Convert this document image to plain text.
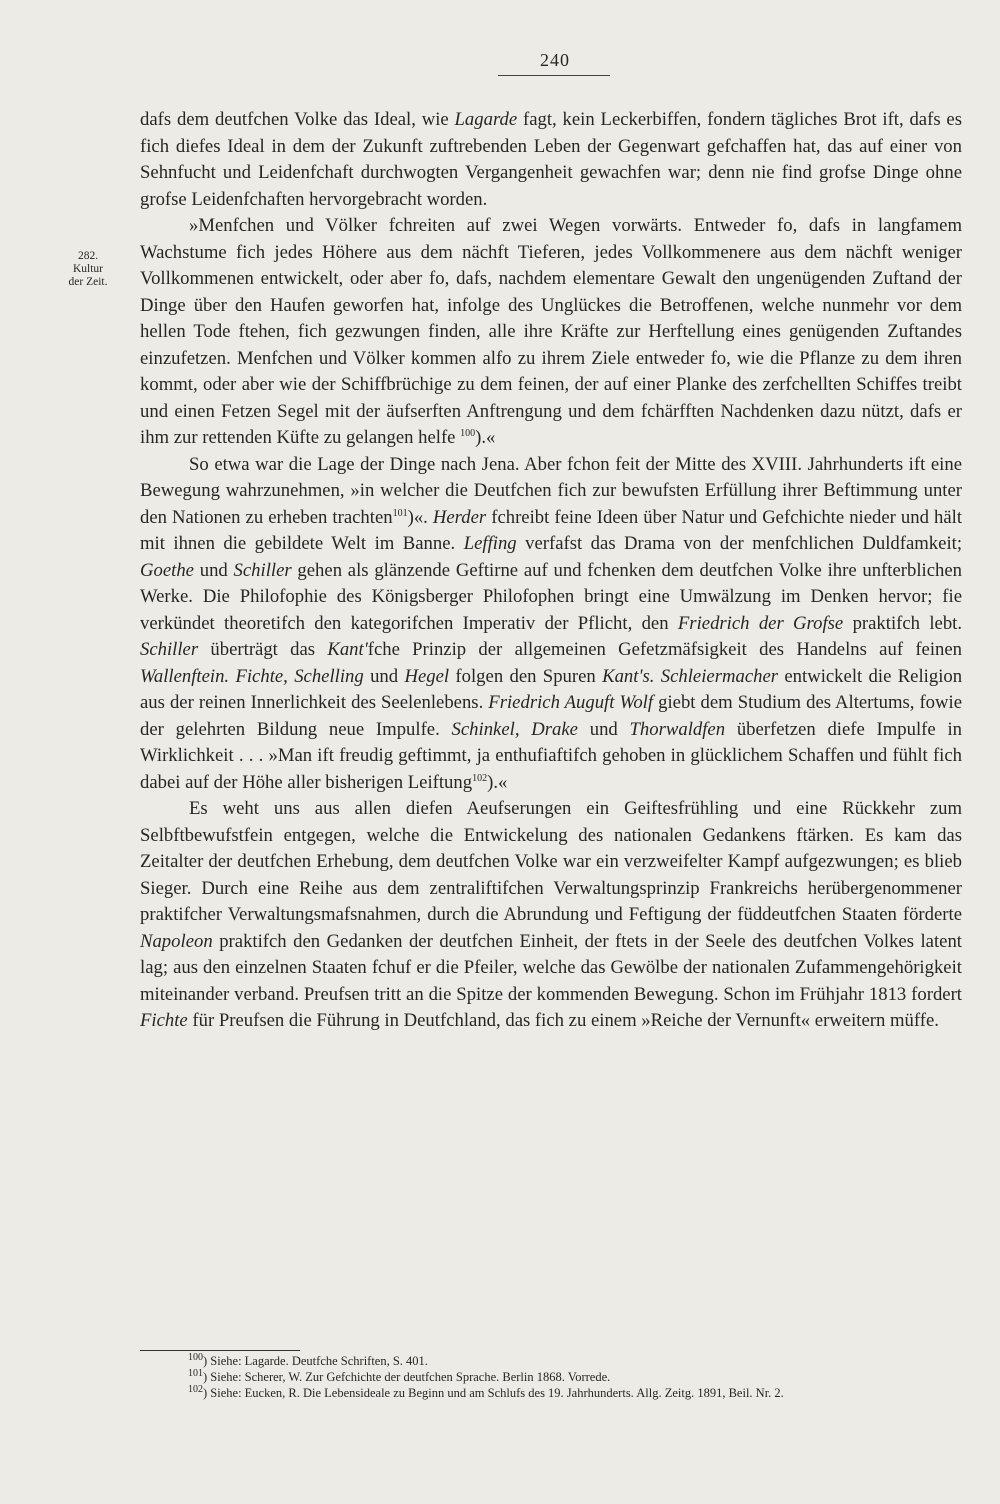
240
282.
Kultur
der Zeit.

dafs dem deutfchen Volke das Ideal, wie Lagarde fagt, kein Leckerbiffen, fondern tägliches Brot ift, dafs es fich diefes Ideal in dem der Zukunft zuftrebenden Leben der Gegenwart gefchaffen hat, das auf einer von Sehnfucht und Leidenfchaft durchwogten Vergangenheit gewachfen war; denn nie find grofse Dinge ohne grofse Leidenfchaften hervorgebracht worden.

»Menfchen und Völker fchreiten auf zwei Wegen vorwärts. Entweder fo, dafs in langfamem Wachstume fich jedes Höhere aus dem nächft Tieferen, jedes Vollkommenere aus dem nächft weniger Vollkommenen entwickelt, oder aber fo, dafs, nachdem elementare Gewalt den ungenügenden Zuftand der Dinge über den Haufen geworfen hat, infolge des Unglückes die Betroffenen, welche nunmehr vor dem hellen Tode ftehen, fich gezwungen finden, alle ihre Kräfte zur Herftellung eines genügenden Zuftandes einzufetzen. Menfchen und Völker kommen alfo zu ihrem Ziele entweder fo, wie die Pflanze zu dem ihren kommt, oder aber wie der Schiffbrüchige zu dem feinen, der auf einer Planke des zerfchellten Schiffes treibt und einen Fetzen Segel mit der äufserften Anftrengung und dem fchärfften Nachdenken dazu nützt, dafs er ihm zur rettenden Küfte zu gelangen helfe $^{100}$).«

So etwa war die Lage der Dinge nach Jena. Aber fchon feit der Mitte des XVIII. Jahrhunderts ift eine Bewegung wahrzunehmen, »in welcher die Deutfchen fich zur bewufsten Erfüllung ihrer Beftimmung unter den Nationen zu erheben trachten$^{101}$)«. Herder fchreibt feine Ideen über Natur und Gefchichte nieder und hält mit ihnen die gebildete Welt im Banne. Leffing verfafst das Drama von der menfchlichen Duldfamkeit; Goethe und Schiller gehen als glänzende Geftirne auf und fchenken dem deutfchen Volke ihre unfterblichen Werke. Die Philofophie des Königsberger Philofophen bringt eine Umwälzung im Denken hervor; fie verkündet theoretifch den kategorifchen Imperativ der Pflicht, den Friedrich der Grofse praktifch lebt. Schiller überträgt das Kant'fche Prinzip der allgemeinen Gefetzmäfsigkeit des Handelns auf feinen Wallenftein. Fichte, Schelling und Hegel folgen den Spuren Kant's. Schleiermacher entwickelt die Religion aus der reinen Innerlichkeit des Seelenlebens. Friedrich Auguft Wolf giebt dem Studium des Altertums, fowie der gelehrten Bildung neue Impulfe. Schinkel, Drake und Thorwaldfen überfetzen diefe Impulfe in Wirklichkeit . . . »Man ift freudig geftimmt, ja enthufiaftifch gehoben in glücklichem Schaffen und fühlt fich dabei auf der Höhe aller bisherigen Leiftung$^{102}$).«

Es weht uns aus allen diefen Aeufserungen ein Geiftesfrühling und eine Rückkehr zum Selbftbewufstfein entgegen, welche die Entwickelung des nationalen Gedankens ftärken. Es kam das Zeitalter der deutfchen Erhebung, dem deutfchen Volke war ein verzweifelter Kampf aufgezwungen; es blieb Sieger. Durch eine Reihe aus dem zentraliftifchen Verwaltungsprinzip Frankreichs herübergenommener praktifcher Verwaltungsmafsnahmen, durch die Abrundung und Feftigung der füddeutfchen Staaten förderte Napoleon praktifch den Gedanken der deutfchen Einheit, der ftets in der Seele des deutfchen Volkes latent lag; aus den einzelnen Staaten fchuf er die Pfeiler, welche das Gewölbe der nationalen Zufammengehörigkeit miteinander verband. Preufsen tritt an die Spitze der kommenden Bewegung. Schon im Frühjahr 1813 fordert Fichte für Preufsen die Führung in Deutfchland, das fich zu einem »Reiche der Vernunft« erweitern müffe.

$^{100}$) Siehe: Lagarde. Deutfche Schriften, S. 401.
$^{101}$) Siehe: Scherer, W. Zur Gefchichte der deutfchen Sprache. Berlin 1868. Vorrede.
$^{102}$) Siehe: Eucken, R. Die Lebensideale zu Beginn und am Schlufs des 19. Jahrhunderts. Allg. Zeitg. 1891, Beil. Nr. 2.
